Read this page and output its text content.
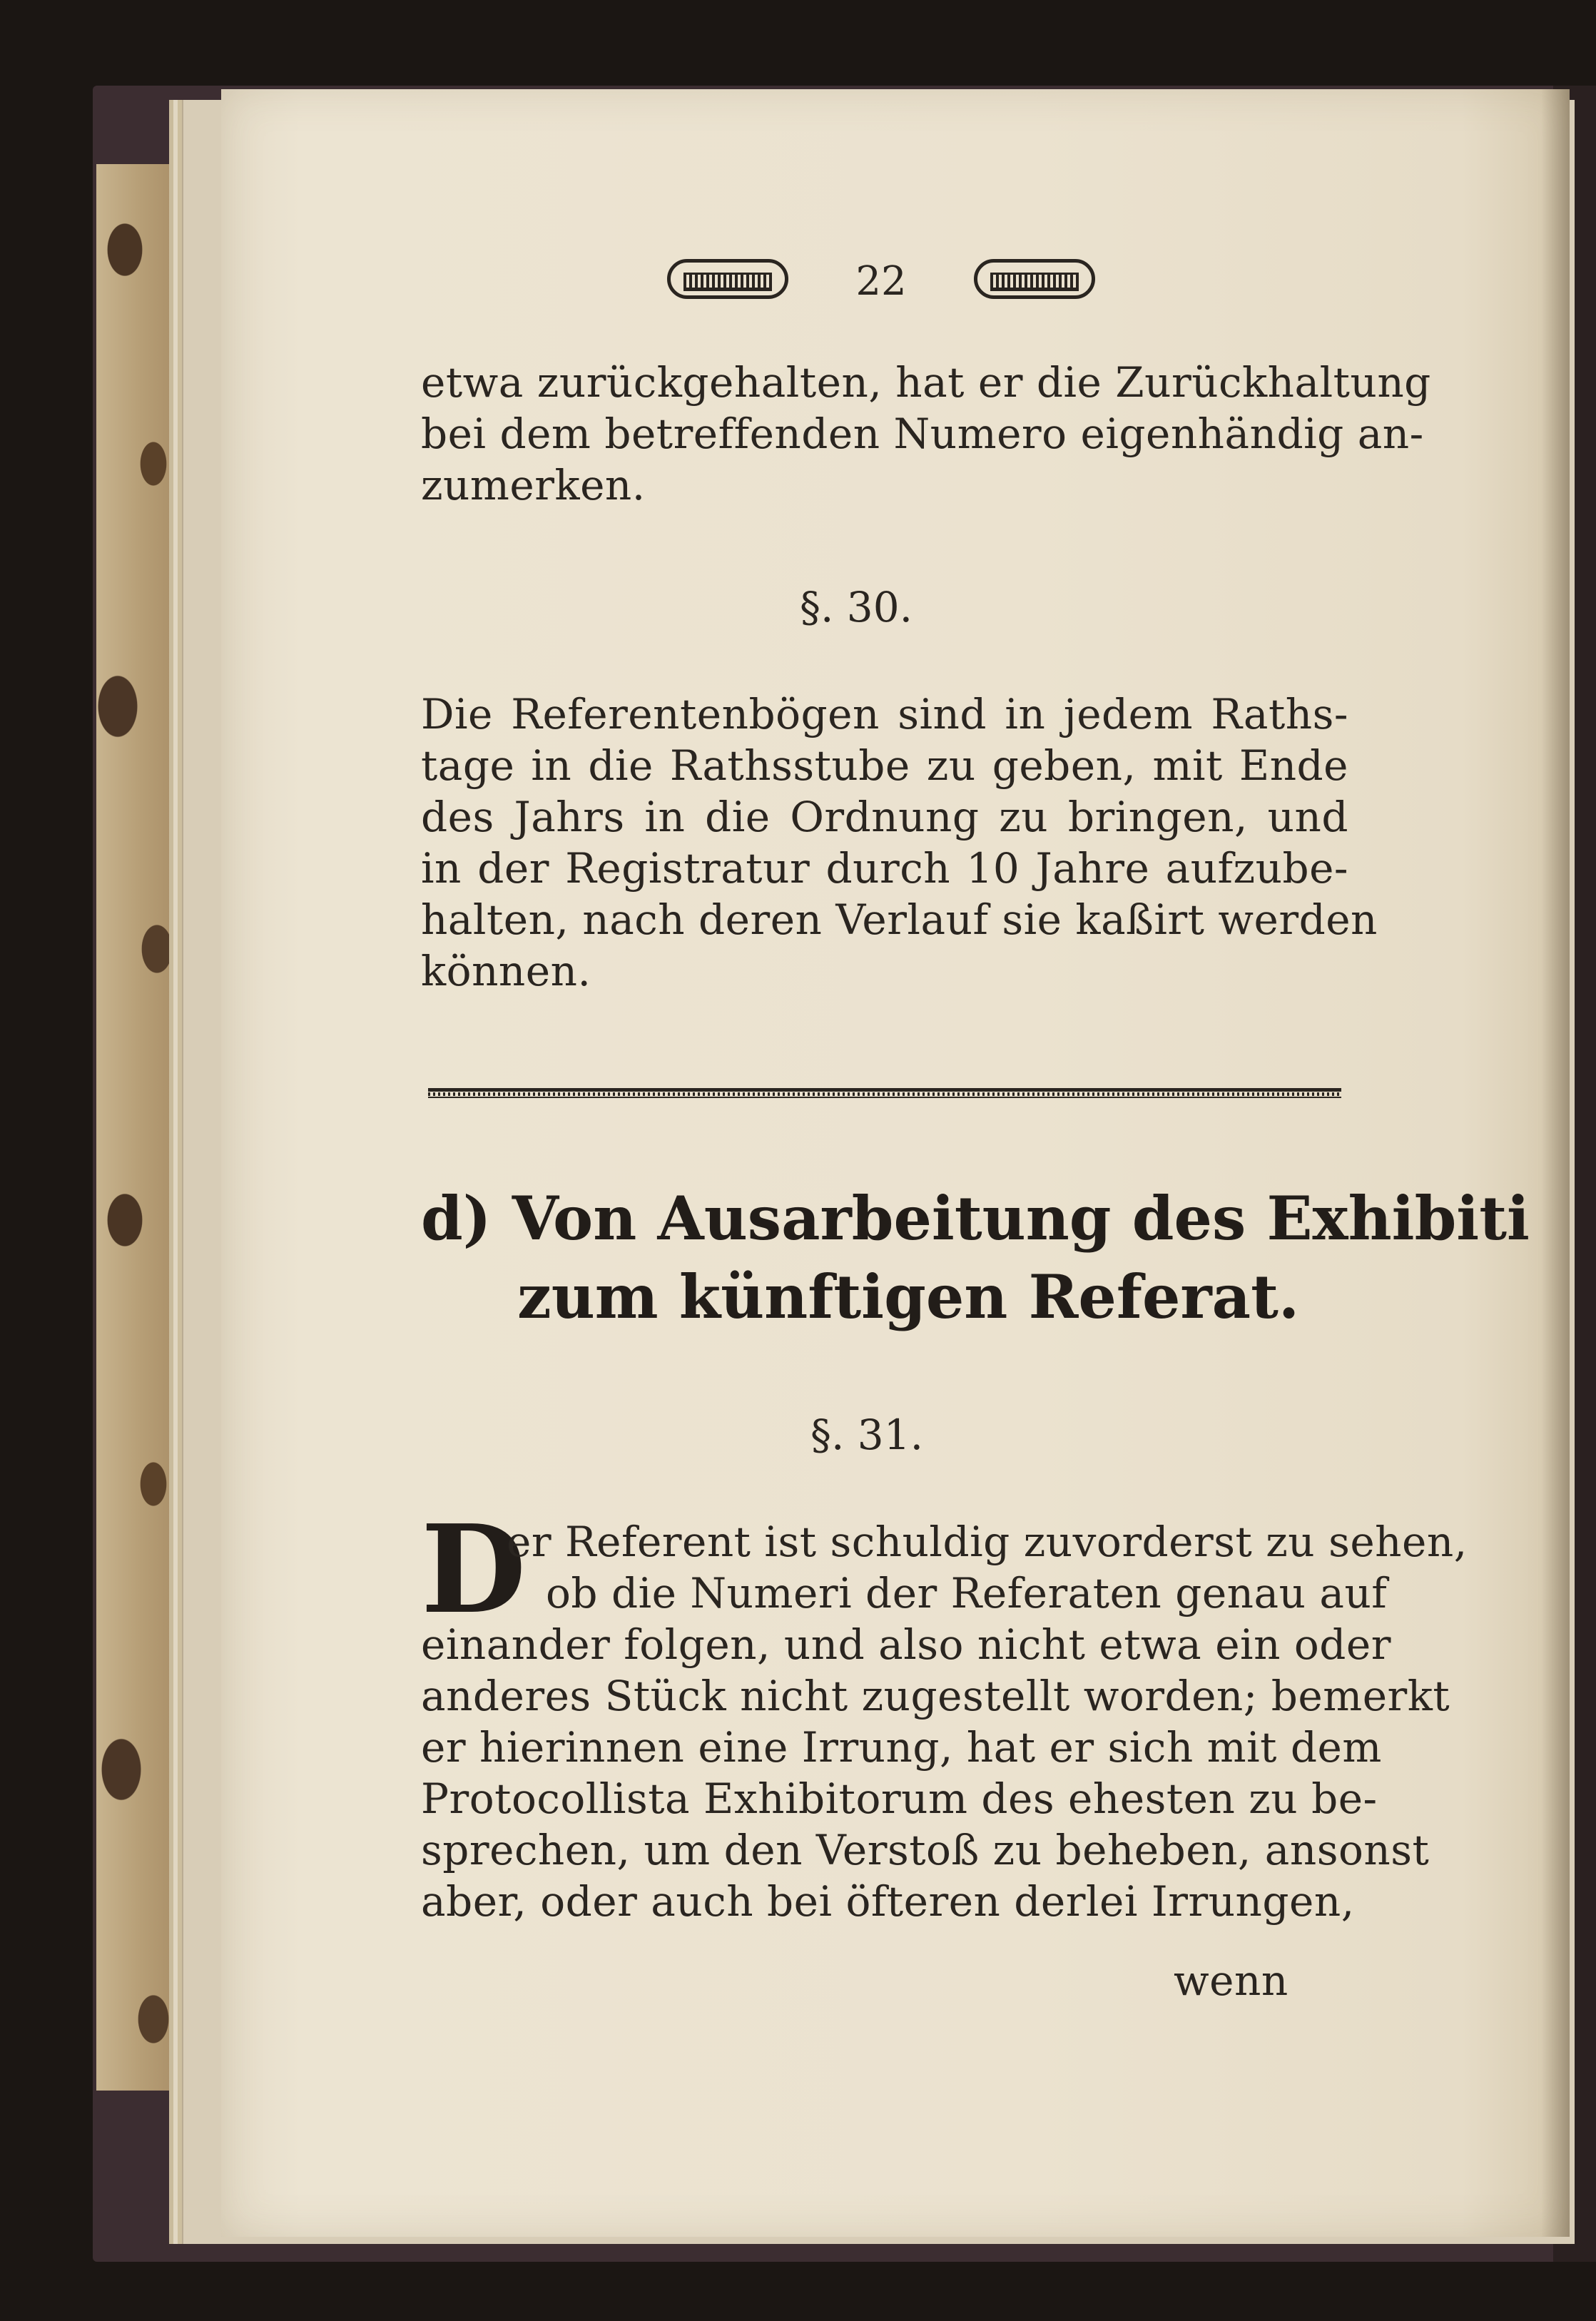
22
etwa zurückgehalten, hat er die Zurückhaltung
bei dem betreffenden Numero eigenhändig an-
zumerken.
§. 30.
Die Referentenbögen sind in jedem Raths-
tage in die Rathsstube zu geben, mit Ende
des Jahrs in die Ordnung zu bringen, und
in der Registratur durch 10 Jahre aufzube-
halten, nach deren Verlauf sie kaßirt werden
können.
d) Von Ausarbeitung des Exhibiti
zum künftigen Referat.
§. 31.
D
er Referent ist schuldig zuvorderst zu sehen,
ob die Numeri der Referaten genau auf
einander folgen, und also nicht etwa ein oder
anderes Stück nicht zugestellt worden; bemerkt
er hierinnen eine Irrung, hat er sich mit dem
Protocollista Exhibitorum des ehesten zu be-
sprechen, um den Verstoß zu beheben, ansonst
aber, oder auch bei öfteren derlei Irrungen,
wenn
